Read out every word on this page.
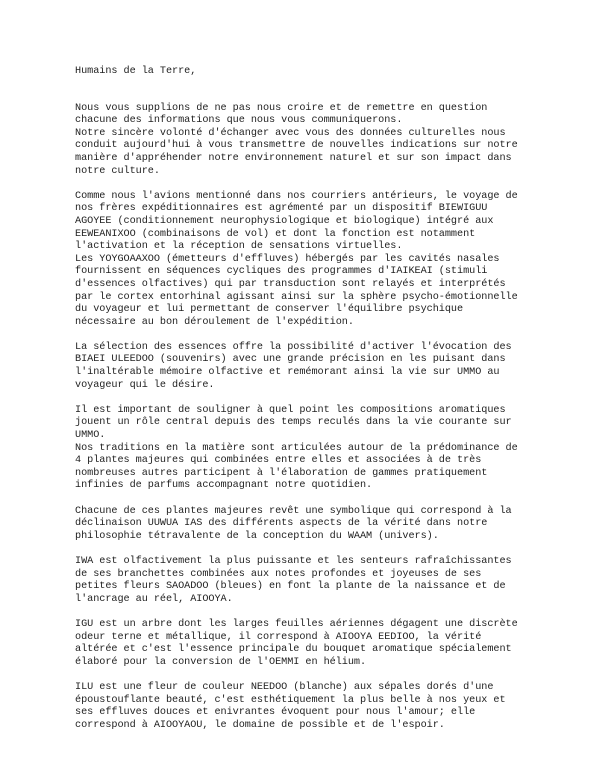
Humains de la Terre,
Nous vous supplions de ne pas nous croire et de remettre en question
chacune des informations que nous vous communiquerons.
Notre sincère volonté d'échanger avec vous des données culturelles nous
conduit aujourd'hui à vous transmettre de nouvelles indications sur notre
manière d'appréhender notre environnement naturel et sur son impact dans
notre culture.
Comme nous l'avions mentionné dans nos courriers antérieurs, le voyage de
nos frères expéditionnaires est agrémenté par un dispositif BIEWIGUU
AGOYEE (conditionnement neurophysiologique et biologique) intégré aux
EEWEANIXOO (combinaisons de vol) et dont la fonction est notamment
l'activation et la réception de sensations virtuelles.
Les YOYGOAAXOO (émetteurs d'effluves) hébergés par les cavités nasales
fournissent en séquences cycliques des programmes d'IAIKEAI (stimuli
d'essences olfactives) qui par transduction sont relayés et interprétés
par le cortex entorhinal agissant ainsi sur la sphère psycho-émotionnelle
du voyageur et lui permettant de conserver l'équilibre psychique
nécessaire au bon déroulement de l'expédition.
La sélection des essences offre la possibilité d'activer l'évocation des
BIAEI ULEEDOO (souvenirs) avec une grande précision en les puisant dans
l'inaltérable mémoire olfactive et remémorant ainsi la vie sur UMMO au
voyageur qui le désire.
Il est important de souligner à quel point les compositions aromatiques
jouent un rôle central depuis des temps reculés dans la vie courante sur
UMMO.
Nos traditions en la matière sont articulées autour de la prédominance de
4 plantes majeures qui combinées entre elles et associées à de très
nombreuses autres participent à l'élaboration de gammes pratiquement
infinies de parfums accompagnant notre quotidien.
Chacune de ces plantes majeures revêt une symbolique qui correspond à la
déclinaison UUWUA IAS des différents aspects de la vérité dans notre
philosophie tétravalente de la conception du WAAM (univers).
IWA est olfactivement la plus puissante et les senteurs rafraîchissantes
de ses branchettes combinées aux notes profondes et joyeuses de ses
petites fleurs SAOADOO (bleues) en font la plante de la naissance et de
l'ancrage au réel, AIOOYA.
IGU est un arbre dont les larges feuilles aériennes dégagent une discrète
odeur terne et métallique, il correspond à AIOOYA EEDIOO, la vérité
altérée et c'est l'essence principale du bouquet aromatique spécialement
élaboré pour la conversion de l'OEMMI en hélium.
ILU est une fleur de couleur NEEDOO (blanche) aux sépales dorés d'une
époustouflante beauté, c'est esthétiquement la plus belle à nos yeux et
ses effluves douces et enivrantes évoquent pour nous l'amour; elle
correspond à AIOOYAOU, le domaine de possible et de l'espoir.
